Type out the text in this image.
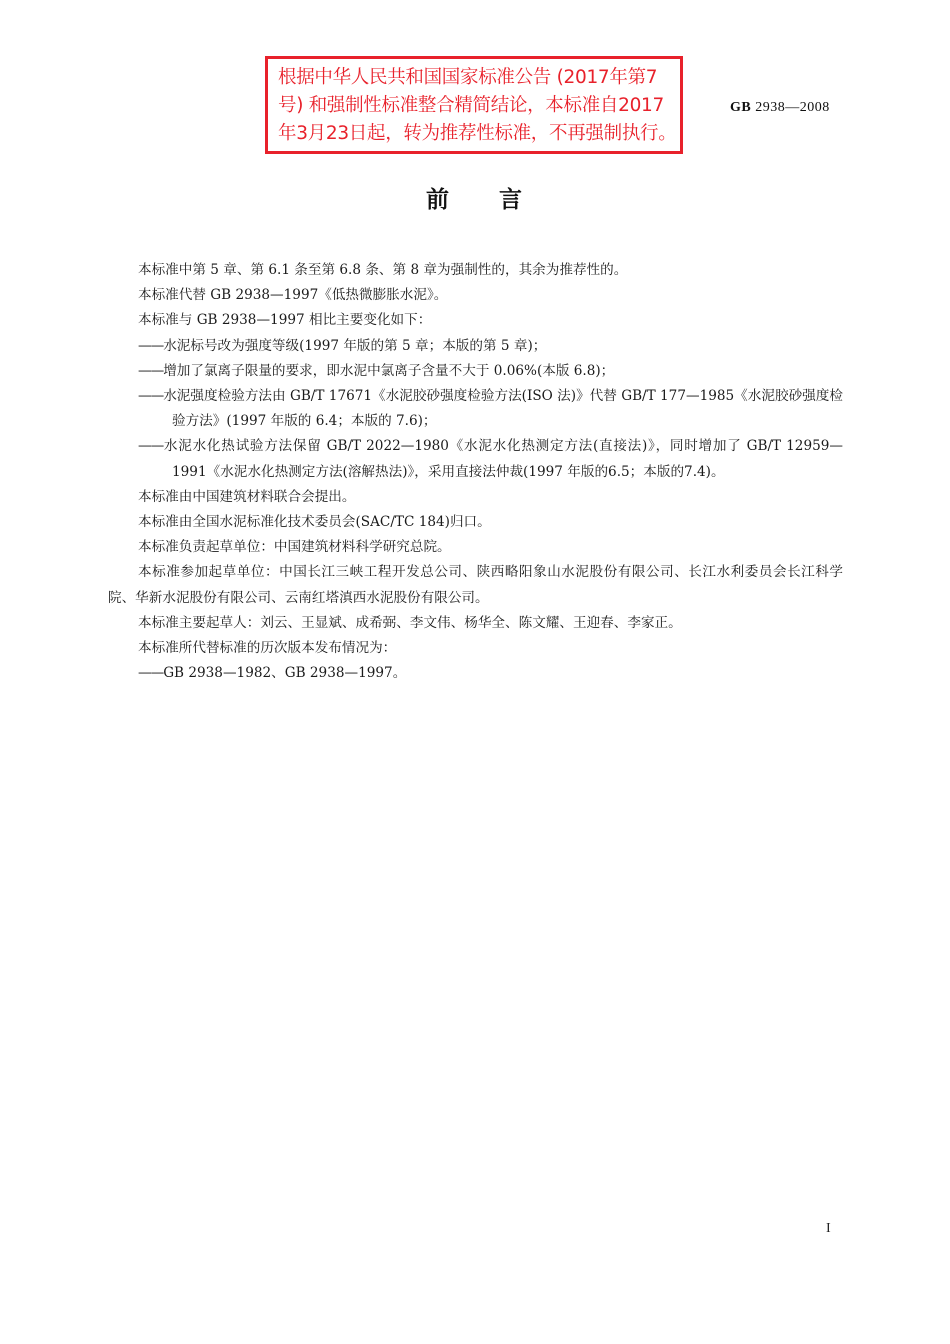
根据中华人民共和国国家标准公告 (2017年第7
号) 和强制性标准整合精简结论，本标准自2017
年3月23日起，转为推荐性标准，不再强制执行。
GB 2938—2008
前 言

本标准中第 5 章、第 6.1 条至第 6.8 条、第 8 章为强制性的，其余为推荐性的。

本标准代替 GB 2938—1997《低热微膨胀水泥》。

本标准与 GB 2938—1997 相比主要变化如下：

——水泥标号改为强度等级(1997 年版的第 5 章；本版的第 5 章)；

——增加了氯离子限量的要求，即水泥中氯离子含量不大于 0.06%(本版 6.8)；

——水泥强度检验方法由 GB/T 17671《水泥胶砂强度检验方法(ISO 法)》代替 GB/T 177—1985《水泥胶砂强度检验方法》(1997 年版的 6.4；本版的 7.6)；

——水泥水化热试验方法保留 GB/T 2022—1980《水泥水化热测定方法(直接法)》，同时增加了 GB/T 12959—1991《水泥水化热测定方法(溶解热法)》，采用直接法仲裁(1997 年版的6.5；本版的7.4)。

本标准由中国建筑材料联合会提出。

本标准由全国水泥标准化技术委员会(SAC/TC 184)归口。

本标准负责起草单位：中国建筑材料科学研究总院。

本标准参加起草单位：中国长江三峡工程开发总公司、陕西略阳象山水泥股份有限公司、长江水利委员会长江科学院、华新水泥股份有限公司、云南红塔滇西水泥股份有限公司。

本标准主要起草人：刘云、王显斌、成希弼、李文伟、杨华全、陈文耀、王迎春、李家正。

本标准所代替标准的历次版本发布情况为：

——GB 2938—1982、GB 2938—1997。

I
